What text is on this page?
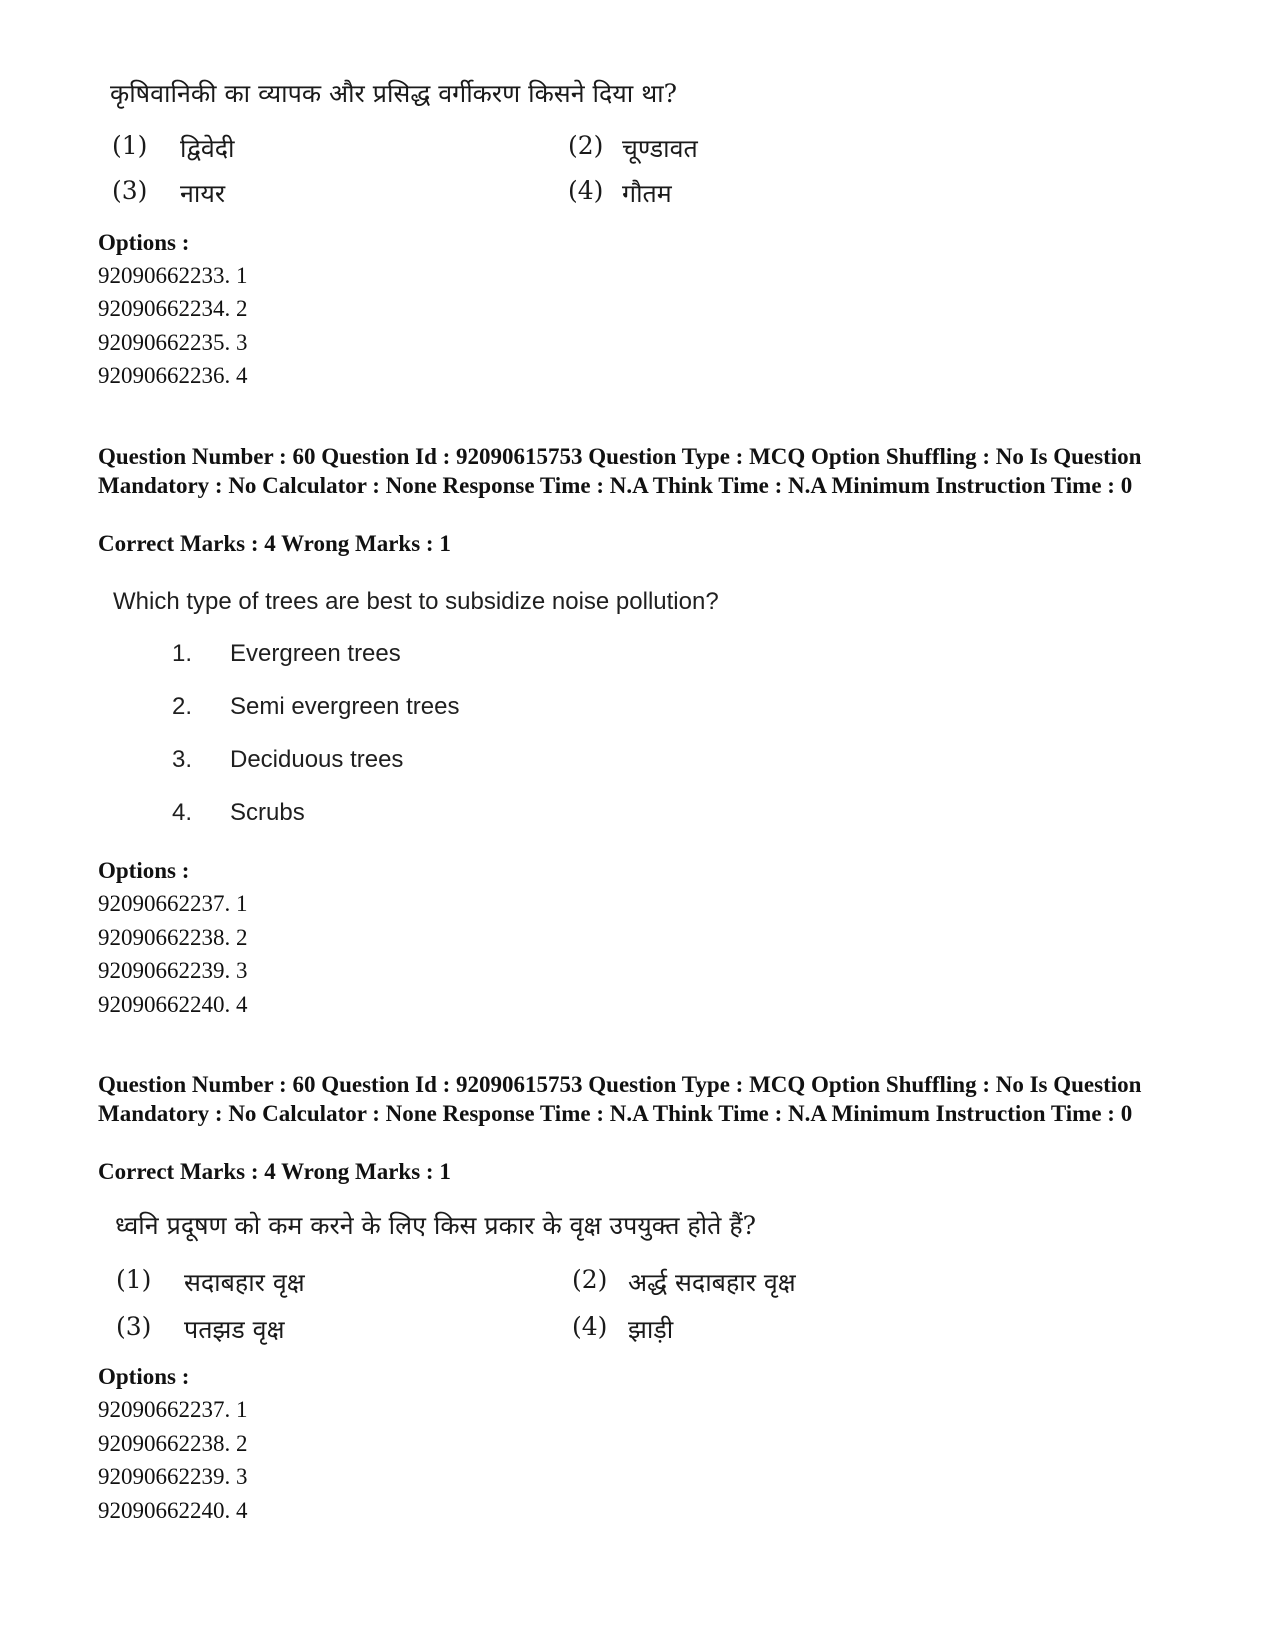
कृषिवानिकी का व्यापक और प्रसिद्ध वर्गीकरण किसने दिया था?
(1) द्विवेदी	(2) चूण्डावत
(3) नायर	(4) गौतम
Options :
92090662233. 1
92090662234. 2
92090662235. 3
92090662236. 4
Question Number : 60 Question Id : 92090615753 Question Type : MCQ Option Shuffling : No Is Question Mandatory : No Calculator : None Response Time : N.A Think Time : N.A Minimum Instruction Time : 0
Correct Marks : 4 Wrong Marks : 1
Which type of trees are best to subsidize noise pollution?
1. Evergreen trees
2. Semi evergreen trees
3. Deciduous trees
4. Scrubs
Options :
92090662237. 1
92090662238. 2
92090662239. 3
92090662240. 4
Question Number : 60 Question Id : 92090615753 Question Type : MCQ Option Shuffling : No Is Question Mandatory : No Calculator : None Response Time : N.A Think Time : N.A Minimum Instruction Time : 0
Correct Marks : 4 Wrong Marks : 1
ध्वनि प्रदूषण को कम करने के लिए किस प्रकार के वृक्ष उपयुक्त होते हैं?
(1) सदाबहार वृक्ष	(2) अर्द्ध सदाबहार वृक्ष
(3) पतझड वृक्ष	(4) झाड़ी
Options :
92090662237. 1
92090662238. 2
92090662239. 3
92090662240. 4
